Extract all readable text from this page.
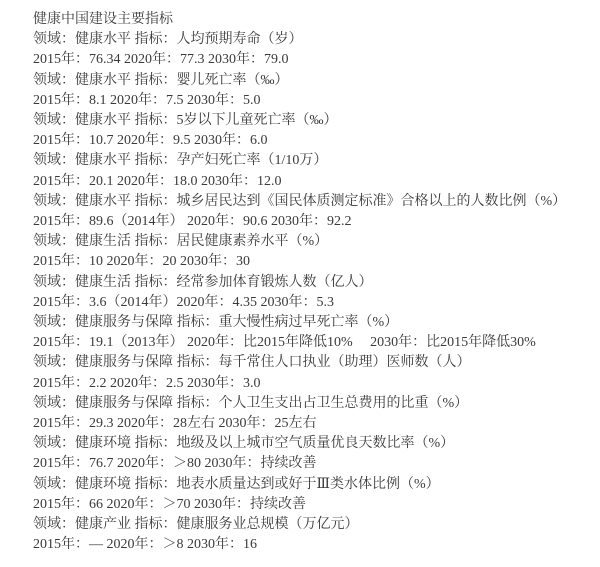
健康中国建设主要指标

领域：健康水平 指标：人均预期寿命（岁）

2015年：76.34 2020年：77.3 2030年：79.0

领域：健康水平 指标：婴儿死亡率（‰）

2015年：8.1 2020年：7.5 2030年：5.0

领域：健康水平 指标：5岁以下儿童死亡率（‰）

2015年：10.7 2020年：9.5 2030年：6.0

领域：健康水平 指标：孕产妇死亡率（1/10万）

2015年：20.1 2020年：18.0 2030年：12.0

领域：健康水平 指标：城乡居民达到《国民体质测定标准》合格以上的人数比例（%）

2015年：89.6（2014年） 2020年：90.6 2030年：92.2

领域：健康生活 指标：居民健康素养水平（%）

2015年：10 2020年：20 2030年：30

领域：健康生活 指标：经常参加体育锻炼人数（亿人）

2015年：3.6（2014年）2020年：4.35 2030年：5.3

领域：健康服务与保障 指标：重大慢性病过早死亡率（%）

2015年：19.1（2013年） 2020年：比2015年降低10%　 2030年：比2015年降低30%

领域：健康服务与保障 指标：每千常住人口执业（助理）医师数（人）

2015年：2.2 2020年：2.5 2030年：3.0

领域：健康服务与保障 指标：个人卫生支出占卫生总费用的比重（%）

2015年：29.3 2020年：28左右 2030年：25左右

领域：健康环境 指标：地级及以上城市空气质量优良天数比率（%）

2015年：76.7 2020年：＞80 2030年：持续改善

领域：健康环境 指标：地表水质量达到或好于Ⅲ类水体比例（%）

2015年：66 2020年：＞70 2030年：持续改善

领域：健康产业 指标：健康服务业总规模（万亿元）

2015年：— 2020年：＞8 2030年：16
